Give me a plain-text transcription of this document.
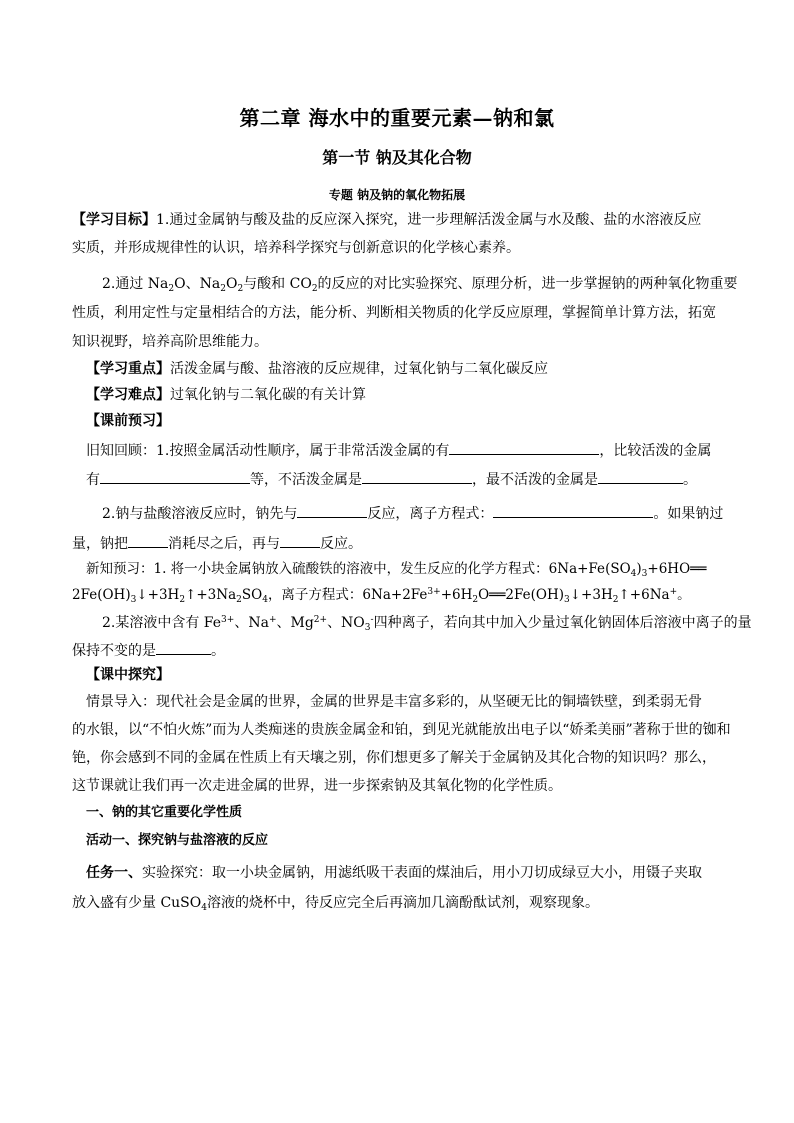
第二章 海水中的重要元素—钠和氯
第一节 钠及其化合物
专题 钠及钠的氧化物拓展
【学习目标】1.通过金属钠与酸及盐的反应深入探究，进一步理解活泼金属与水及酸、盐的水溶液反应
实质，并形成规律性的认识，培养科学探究与创新意识的化学核心素养。
2.通过 $Na_2O$、$Na_2O_2$与酸和 $CO_2$的反应的对比实验探究、原理分析，进一步掌握钠的两种氧化物重要
性质，利用定性与定量相结合的方法，能分析、判断相关物质的化学反应原理，掌握简单计算方法，拓宽
知识视野，培养高阶思维能力。
【学习重点】活泼金属与酸、盐溶液的反应规律，过氧化钠与二氧化碳反应
【学习难点】过氧化钠与二氧化碳的有关计算
【课前预习】
旧知回顾：1.按照金属活动性顺序，属于非常活泼金属的有	，比较活泼的金属
有	等，不活泼金属是	，最不活泼的金属是	。
2.钠与盐酸溶液反应时，钠先与	反应，离子方程式：	。如果钠过
量，钠把	消耗尽之后，再与	反应。
新知预习：1. 将一小块金属钠放入硫酸铁的溶液中，发生反应的化学方程式：$6Na+Fe(SO_4)_3+6HO══$
$2Fe(OH)_3↓+3H_2↑+3Na_2SO_4$，离子方程式：$6Na+2Fe^{3+}+6H_2O══2Fe(OH)_3↓+3H_2↑+6Na^+$。
2.某溶液中含有 $Fe^{3+}$、Na+、$Mg^{2+}$、$NO_3^-$四种离子，若向其中加入少量过氧化钠固体后溶液中离子的量
保持不变的是	。
【课中探究】
情景导入：现代社会是金属的世界，金属的世界是丰富多彩的，从坚硬无比的铜墙铁壁，到柔弱无骨
的水银，以“不怕火炼”而为人类痴迷的贵族金属金和铂，到见光就能放出电子以“娇柔美丽”著称于世的铷和
铯，你会感到不同的金属在性质上有天壤之别，你们想更多了解关于金属钠及其化合物的知识吗？那么，
这节课就让我们再一次走进金属的世界，进一步探索钠及其氧化物的化学性质。
一、钠的其它重要化学性质
活动一、探究钠与盐溶液的反应
任务一、实验探究：取一小块金属钠，用滤纸吸干表面的煤油后，用小刀切成绿豆大小，用镊子夹取
放入盛有少量 CuSO$_4$溶液的烧杯中，待反应完全后再滴加几滴酚酞试剂，观察现象。
